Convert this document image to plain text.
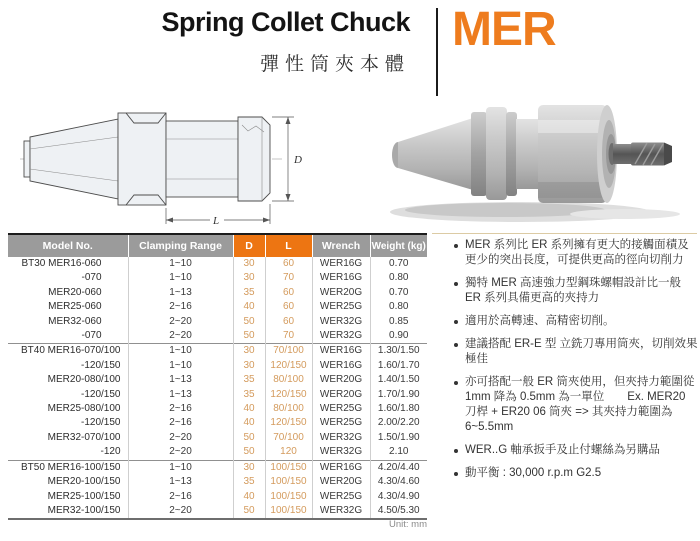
Spring Collet Chuck
彈性筒夾本體
MER
D
L
Model No.	Clamping Range	D	L	Wrench	Weight (kg)
BT30 MER16-060	1~10	30	60	WER16G	0.70
-070	1~10	30	70	WER16G	0.80
MER20-060	1~13	35	60	WER20G	0.70
MER25-060	2~16	40	60	WER25G	0.80
MER32-060	2~20	50	60	WER32G	0.85
-070	2~20	50	70	WER32G	0.90
BT40 MER16-070/100	1~10	30	70/100	WER16G	1.30/1.50
-120/150	1~10	30	120/150	WER16G	1.60/1.70
MER20-080/100	1~13	35	80/100	WER20G	1.40/1.50
-120/150	1~13	35	120/150	WER20G	1.70/1.90
MER25-080/100	2~16	40	80/100	WER25G	1.60/1.80
-120/150	2~16	40	120/150	WER25G	2.00/2.20
MER32-070/100	2~20	50	70/100	WER32G	1.50/1.90
-120	2~20	50	120	WER32G	2.10
BT50 MER16-100/150	1~10	30	100/150	WER16G	4.20/4.40
MER20-100/150	1~13	35	100/150	WER20G	4.30/4.60
MER25-100/150	2~16	40	100/150	WER25G	4.30/4.90
MER32-100/150	2~20	50	100/150	WER32G	4.50/5.30
Unit: mm
MER 系列比 ER 系列擁有更大的接觸面積及更少的突出長度，可提供更高的徑向切削力
獨特 MER 高速強力型鋼珠螺帽設計比一般 ER 系列具備更高的夾持力
適用於高轉速、高精密切削。
建議搭配 ER-E 型 立銑刀專用筒夾，切削效果極佳
亦可搭配一般 ER 筒夾使用，但夾持力範圍從 1mm 降為 0.5mm 為一單位　　Ex. MER20 刀桿 + ER20 06 筒夾 => 其夾持力範圍為 6~5.5mm
WER..G 軸承扳手及止付螺絲為另購品
動平衡 : 30,000 r.p.m G2.5
